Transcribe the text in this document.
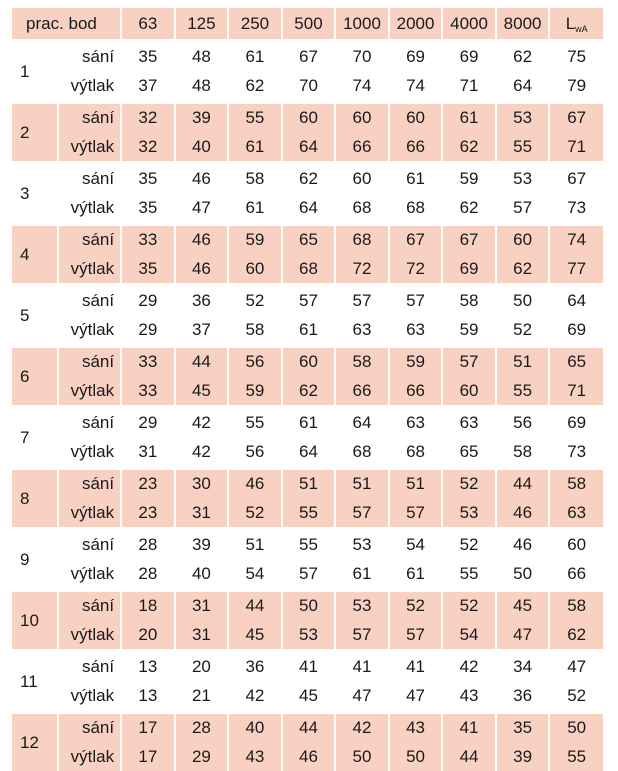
prac. bod		63	125	250	500	1000	2000	4000	8000	$L_{wA}$

1	sání	35	48	61	67	70	69	69	62	75
	výtlak	37	48	62	70	74	74	71	64	79

2	sání	32	39	55	60	60	60	61	53	67
	výtlak	32	40	61	64	66	66	62	55	71

3	sání	35	46	58	62	60	61	59	53	67
	výtlak	35	47	61	64	68	68	62	57	73

4	sání	33	46	59	65	68	67	67	60	74
	výtlak	35	46	60	68	72	72	69	62	77

5	sání	29	36	52	57	57	57	58	50	64
	výtlak	29	37	58	61	63	63	59	52	69

6	sání	33	44	56	60	58	59	57	51	65
	výtlak	33	45	59	62	66	66	60	55	71

7	sání	29	42	55	61	64	63	63	56	69
	výtlak	31	42	56	64	68	68	65	58	73

8	sání	23	30	46	51	51	51	52	44	58
	výtlak	23	31	52	55	57	57	53	46	63

9	sání	28	39	51	55	53	54	52	46	60
	výtlak	28	40	54	57	61	61	55	50	66

10	sání	18	31	44	50	53	52	52	45	58
	výtlak	20	31	45	53	57	57	54	47	62

11	sání	13	20	36	41	41	41	42	34	47
	výtlak	13	21	42	45	47	47	43	36	52

12	sání	17	28	40	44	42	43	41	35	50
	výtlak	17	29	43	46	50	50	44	39	55
